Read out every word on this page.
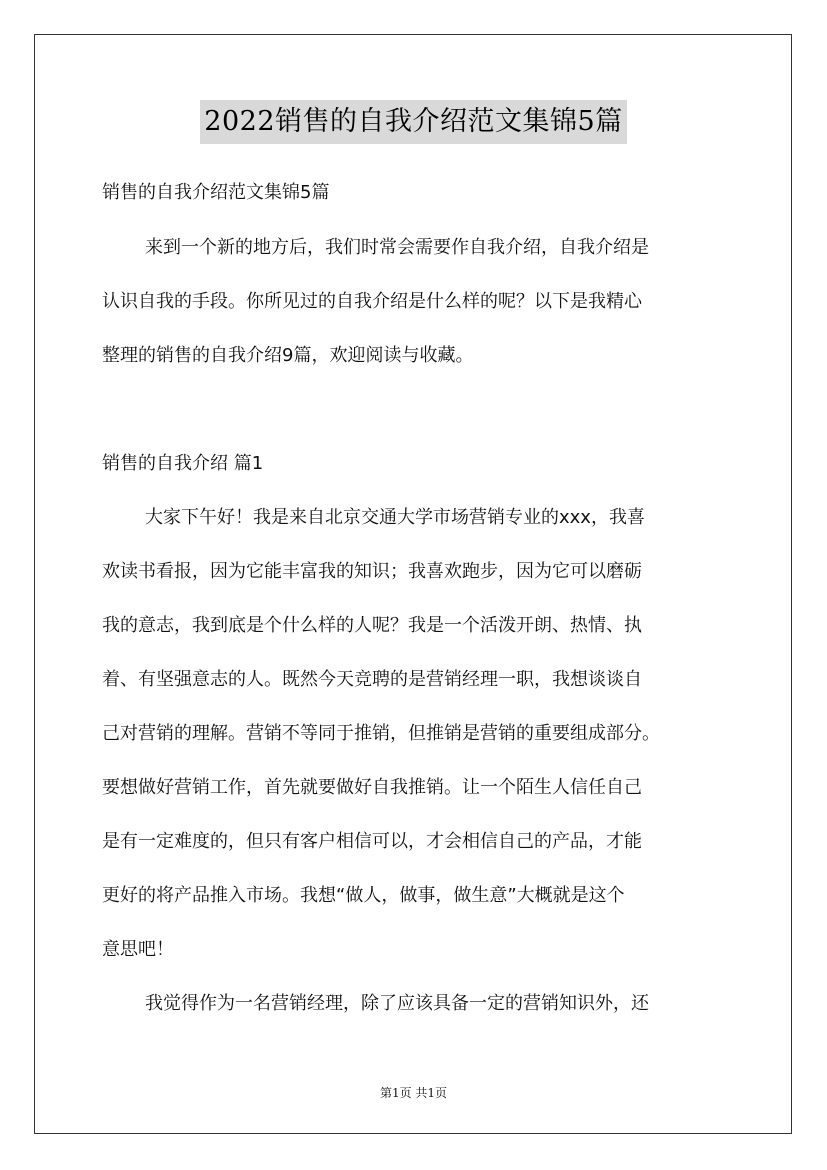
2022销售的自我介绍范文集锦5篇
销售的自我介绍范文集锦5篇
来到一个新的地方后，我们时常会需要作自我介绍，自我介绍是
认识自我的手段。你所见过的自我介绍是什么样的呢？以下是我精心
整理的销售的自我介绍9篇，欢迎阅读与收藏。
销售的自我介绍 篇1
大家下午好！我是来自北京交通大学市场营销专业的xxx，我喜
欢读书看报，因为它能丰富我的知识；我喜欢跑步，因为它可以磨砺
我的意志，我到底是个什么样的人呢？我是一个活泼开朗、热情、执
着、有坚强意志的人。既然今天竞聘的是营销经理一职，我想谈谈自
己对营销的理解。营销不等同于推销，但推销是营销的重要组成部分。
要想做好营销工作，首先就要做好自我推销。让一个陌生人信任自己
是有一定难度的，但只有客户相信可以，才会相信自己的产品，才能
更好的将产品推入市场。我想“做人，做事，做生意”大概就是这个
意思吧！
我觉得作为一名营销经理，除了应该具备一定的营销知识外，还
第1页 共1页
